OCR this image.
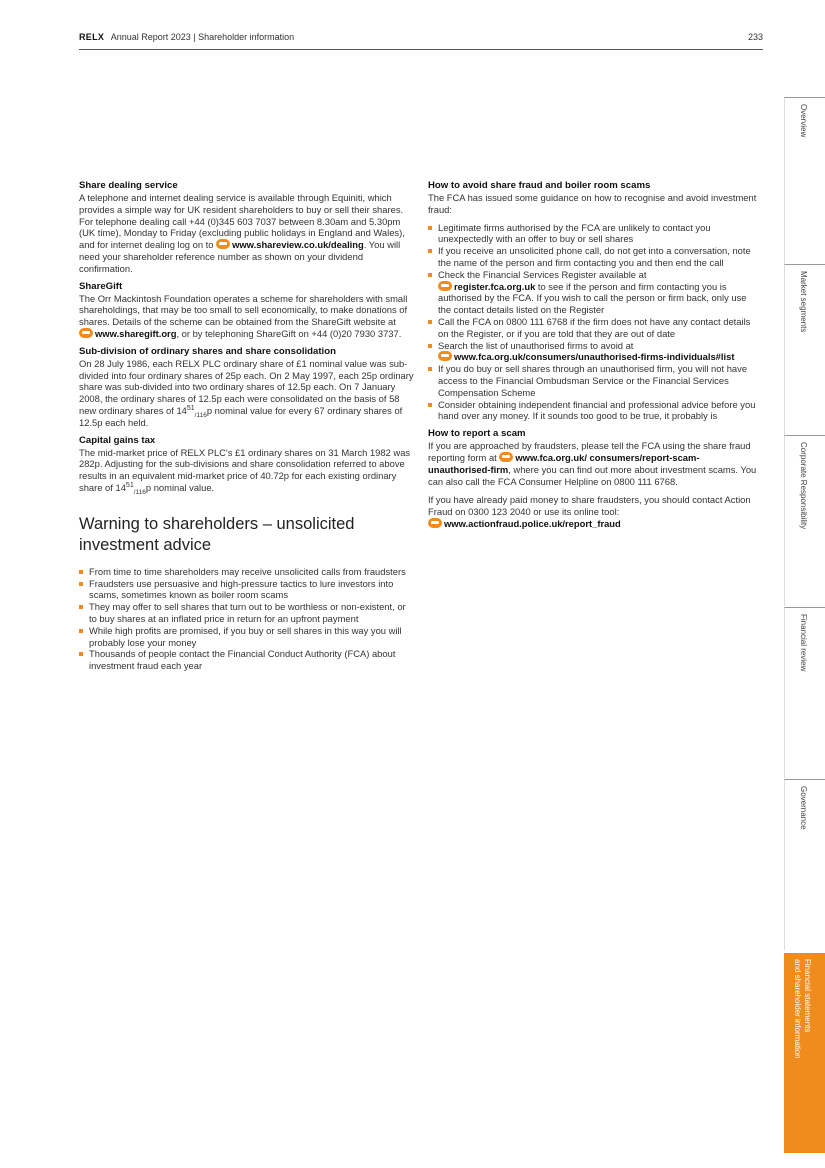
RELX Annual Report 2023 | Shareholder information	233
Share dealing service

A telephone and internet dealing service is available through Equiniti, which provides a simple way for UK resident shareholders to buy or sell their shares. For telephone dealing call +44 (0)345 603 7037 between 8.30am and 5.30pm (UK time), Monday to Friday (excluding public holidays in England and Wales), and for internet dealing log on to www.shareview.co.uk/dealing. You will need your shareholder reference number as shown on your dividend confirmation.

ShareGift

The Orr Mackintosh Foundation operates a scheme for shareholders with small shareholdings, that may be too small to sell economically, to make donations of shares. Details of the scheme can be obtained from the ShareGift website at www.sharegift.org, or by telephoning ShareGift on +44 (0)20 7930 3737.

Sub-division of ordinary shares and share consolidation

On 28 July 1986, each RELX PLC ordinary share of £1 nominal value was sub-divided into four ordinary shares of 25p each. On 2 May 1997, each 25p ordinary share was sub-divided into two ordinary shares of 12.5p each. On 7 January 2008, the ordinary shares of 12.5p each were consolidated on the basis of 58 new ordinary shares of $14^{51}_{/116}p$ nominal value for every 67 ordinary shares of 12.5p each held.

Capital gains tax

The mid-market price of RELX PLC's £1 ordinary shares on 31 March 1982 was 282p. Adjusting for the sub-divisions and share consolidation referred to above results in an equivalent mid-market price of 40.72p for each existing ordinary share of $14^{51}_{/116}p$ nominal value.

Warning to shareholders – unsolicited investment advice
From time to time shareholders may receive unsolicited calls from fraudsters
Fraudsters use persuasive and high-pressure tactics to lure investors into scams, sometimes known as boiler room scams
They may offer to sell shares that turn out to be worthless or non-existent, or to buy shares at an inflated price in return for an upfront payment
While high profits are promised, if you buy or sell shares in this way you will probably lose your money
Thousands of people contact the Financial Conduct Authority (FCA) about investment fraud each year
How to avoid share fraud and boiler room scams

The FCA has issued some guidance on how to recognise and avoid investment fraud:

Legitimate firms authorised by the FCA are unlikely to contact you unexpectedly with an offer to buy or sell shares
If you receive an unsolicited phone call, do not get into a conversation, note the name of the person and firm contacting you and then end the call
Check the Financial Services Register available at
register.fca.org.uk to see if the person and firm contacting you is authorised by the FCA. If you wish to call the person or firm back, only use the contact details listed on the Register
Call the FCA on 0800 111 6768 if the firm does not have any contact details on the Register, or if you are told that they are out of date
Search the list of unauthorised firms to avoid at
www.fca.org.uk/consumers/unauthorised-firms-individuals#list
If you do buy or sell shares through an unauthorised firm, you will not have access to the Financial Ombudsman Service or the Financial Services Compensation Scheme
Consider obtaining independent financial and professional advice before you hand over any money. If it sounds too good to be true, it probably is
How to report a scam

If you are approached by fraudsters, please tell the FCA using the share fraud reporting form at www.fca.org.uk/ consumers/report-scam-unauthorised-firm, where you can find out more about investment scams. You can also call the FCA Consumer Helpline on 0800 111 6768.

If you have already paid money to share fraudsters, you should contact Action Fraud on 0300 123 2040 or use its online tool:
www.actionfraud.police.uk/report_fraud

Overview
Market segments
Corporate Responsibility
Financial review
Governance
Financial statements
and shareholder information
